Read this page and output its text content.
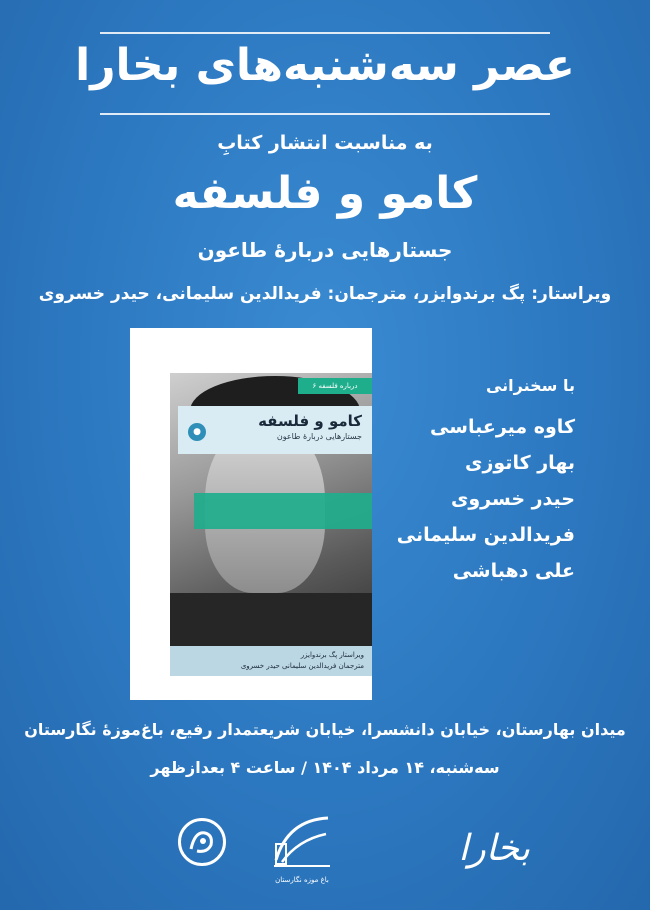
عصر سه‌شنبه‌های بخارا
به مناسبت انتشار کتابِ
کامو و فلسفه
جستارهایی دربارهٔ طاعون
ویراستار: پگ برندوایزر، مترجمان: فریدالدین سلیمانی، حیدر خسروی
درباره فلسفه ۶
کامو و فلسفه
جستارهایی دربارهٔ طاعون
●
ویراستار پگ برندوایزر
مترجمان فریدالدین سلیمانی حیدر خسروی
با سخنرانی
کاوه میرعباسی
بهار کاتوزی
حیدر خسروی
فریدالدین سلیمانی
علی دهباشی
میدان بهارستان، خیابان دانشسرا، خیابان شریعتمدار رفیع، باغ‌موزهٔ نگارستان
سه‌شنبه، ۱۴ مرداد ۱۴۰۴ / ساعت ۴ بعدازظهر
بخارا
باغ موزه نگارستان
